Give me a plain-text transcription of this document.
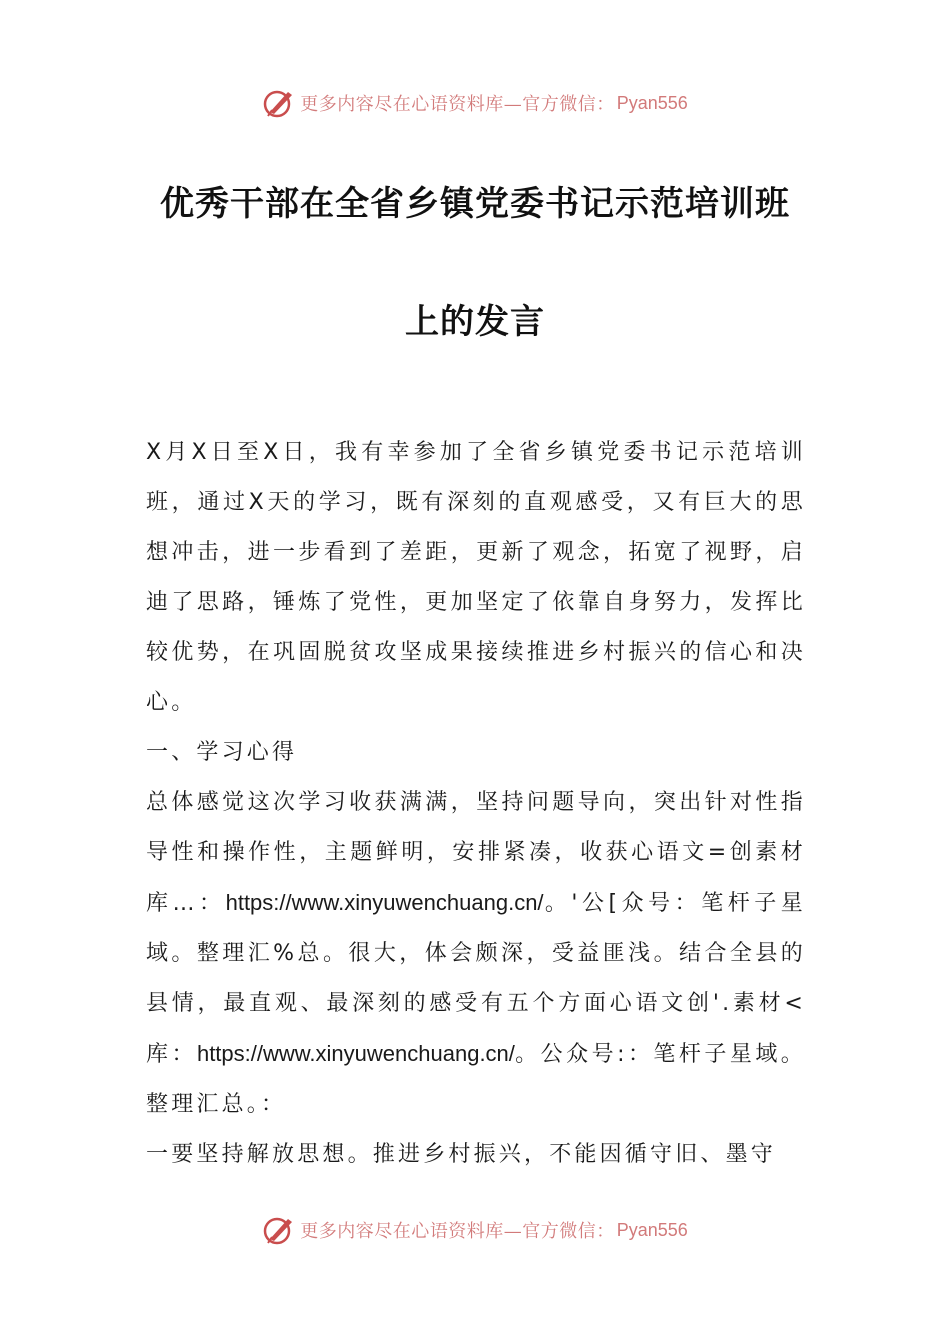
更多内容尽在心语资料库—官方微信： Pyan556
优秀干部在全省乡镇党委书记示范培训班
上的发言

X月X日至X日，我有幸参加了全省乡镇党委书记示范培训班，通过X天的学习，既有深刻的直观感受，又有巨大的思想冲击，进一步看到了差距，更新了观念，拓宽了视野，启迪了思路，锤炼了党性，更加坚定了依靠自身努力，发挥比较优势，在巩固脱贫攻坚成果接续推进乡村振兴的信心和决心。

一、学习心得

总体感觉这次学习收获满满，坚持问题导向，突出针对性指导性和操作性，主题鲜明，安排紧凑，收获心语文=创素材库…：https://www.xinyuwenchuang.cn/。'公[众号：笔杆子星域。整理汇%总。很大，体会颇深，受益匪浅。结合全县的县情，最直观、最深刻的感受有五个方面心语文创'.素材<库：https://www.xinyuwenchuang.cn/。公众号:：笔杆子星域。整理汇总。：

一要坚持解放思想。推进乡村振兴，不能因循守旧、墨守

更多内容尽在心语资料库—官方微信： Pyan556
